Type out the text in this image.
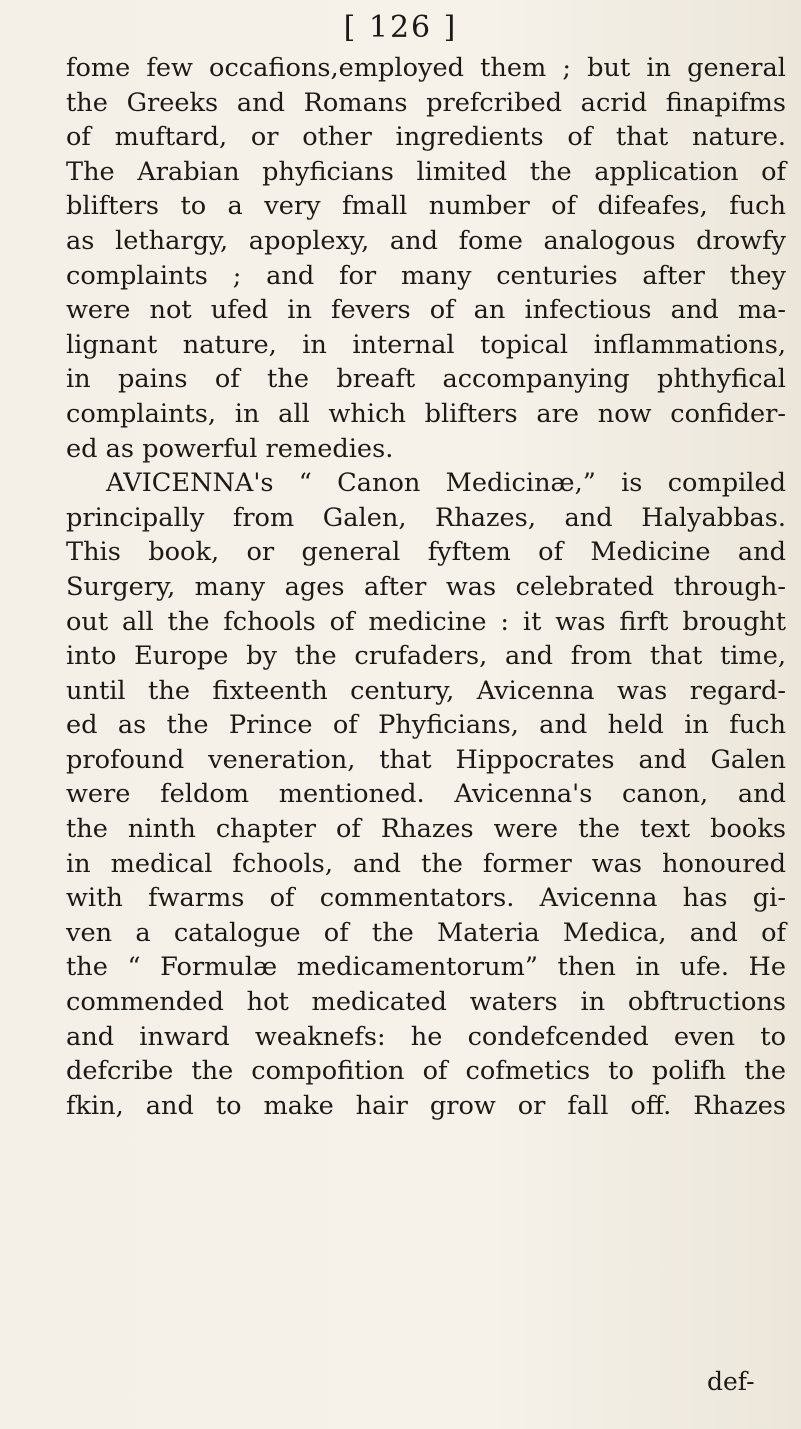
[ 126 ]
fome few occafions,employed them ; but in general
the Greeks and Romans prefcribed acrid finapifms
of muftard, or other ingredients of that nature.
The Arabian phyficians limited the application of
blifters to a very fmall number of difeafes, fuch
as lethargy, apoplexy, and fome analogous drowfy
complaints ; and for many centuries after they
were not ufed in fevers of an infectious and ma-
lignant nature, in internal topical inflammations,
in pains of the breaft accompanying phthyfical
complaints, in all which blifters are now confider-
ed as powerful remedies.
AVICENNA's “ Canon Medicinæ,” is compiled
principally from Galen, Rhazes, and Halyabbas.
This book, or general fyftem of Medicine and
Surgery, many ages after was celebrated through-
out all the fchools of medicine : it was firft brought
into Europe by the crufaders, and from that time,
until the fixteenth century, Avicenna was regard-
ed as the Prince of Phyficians, and held in fuch
profound veneration, that Hippocrates and Galen
were feldom mentioned. Avicenna's canon, and
the ninth chapter of Rhazes were the text books
in medical fchools, and the former was honoured
with fwarms of commentators. Avicenna has gi-
ven a catalogue of the Materia Medica, and of
the “ Formulæ medicamentorum” then in ufe. He
commended hot medicated waters in obftructions
and inward weaknefs: he condefcended even to
defcribe the compofition of cofmetics to polifh the
fkin, and to make hair grow or fall off. Rhazes
def-
